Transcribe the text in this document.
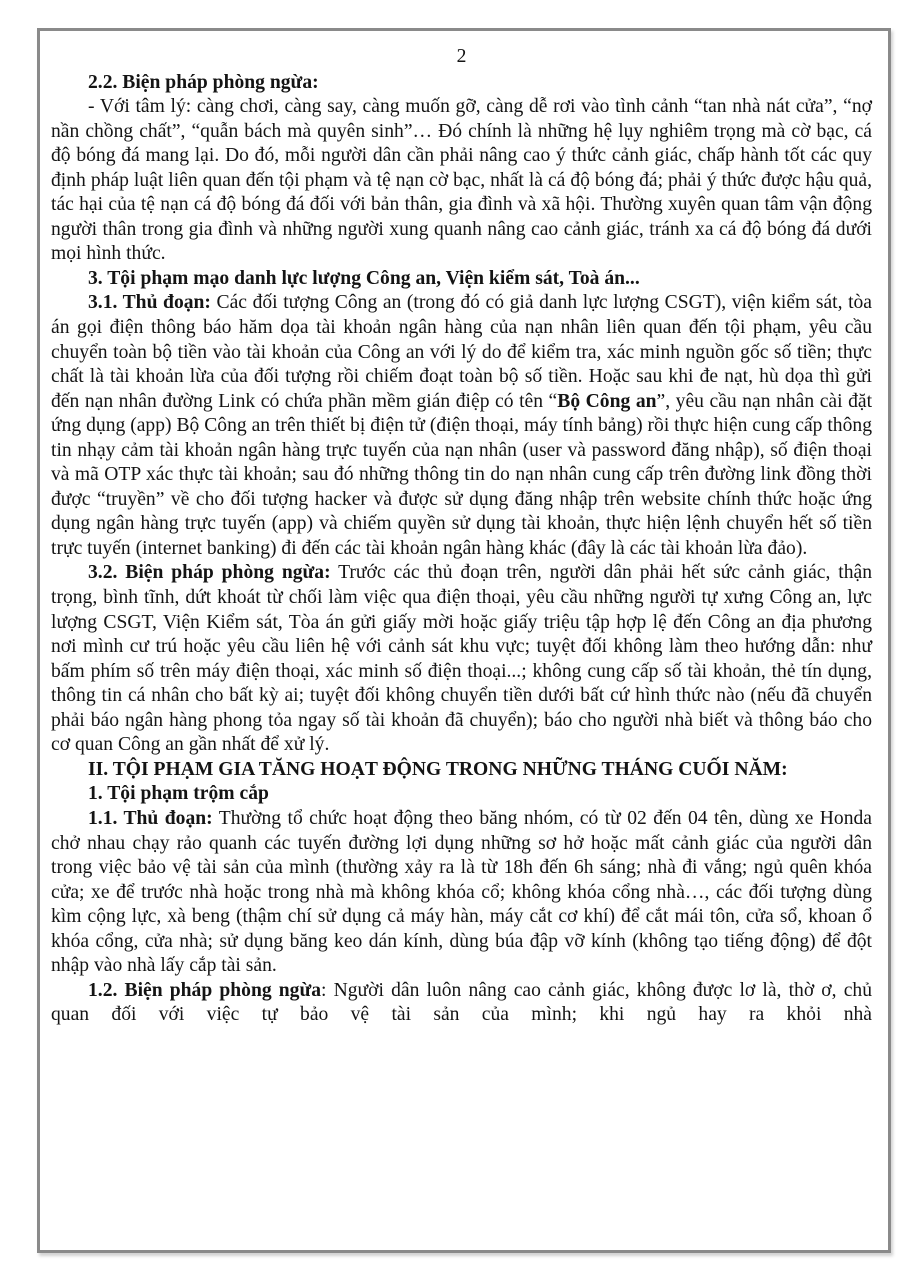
2

2.2. Biện pháp phòng ngừa:

- Với tâm lý: càng chơi, càng say, càng muốn gỡ, càng dễ rơi vào tình cảnh “tan nhà nát cửa”, “nợ nần chồng chất”, “quẫn bách mà quyên sinh”… Đó chính là những hệ lụy nghiêm trọng mà cờ bạc, cá độ bóng đá mang lại. Do đó, mỗi người dân cần phải nâng cao ý thức cảnh giác, chấp hành tốt các quy định pháp luật liên quan đến tội phạm và tệ nạn cờ bạc, nhất là cá độ bóng đá; phải ý thức được hậu quả, tác hại của tệ nạn cá độ bóng đá đối với bản thân, gia đình và xã hội. Thường xuyên quan tâm vận động người thân trong gia đình và những người xung quanh nâng cao cảnh giác, tránh xa cá độ bóng đá dưới mọi hình thức.

3. Tội phạm mạo danh lực lượng Công an, Viện kiểm sát, Toà án...

3.1. Thủ đoạn: Các đối tượng Công an (trong đó có giả danh lực lượng CSGT), viện kiểm sát, tòa án gọi điện thông báo hăm dọa tài khoản ngân hàng của nạn nhân liên quan đến tội phạm, yêu cầu chuyển toàn bộ tiền vào tài khoản của Công an với lý do để kiểm tra, xác minh nguồn gốc số tiền; thực chất là tài khoản lừa của đối tượng rồi chiếm đoạt toàn bộ số tiền. Hoặc sau khi đe nạt, hù dọa thì gửi đến nạn nhân đường Link có chứa phần mềm gián điệp có tên “Bộ Công an”, yêu cầu nạn nhân cài đặt ứng dụng (app) Bộ Công an trên thiết bị điện tử (điện thoại, máy tính bảng) rồi thực hiện cung cấp thông tin nhạy cảm tài khoản ngân hàng trực tuyến của nạn nhân (user và password đăng nhập), số điện thoại và mã OTP xác thực tài khoản; sau đó những thông tin do nạn nhân cung cấp trên đường link đồng thời được “truyền” về cho đối tượng hacker và được sử dụng đăng nhập trên website chính thức hoặc ứng dụng ngân hàng trực tuyến (app) và chiếm quyền sử dụng tài khoản, thực hiện lệnh chuyển hết số tiền trực tuyến (internet banking) đi đến các tài khoản ngân hàng khác (đây là các tài khoản lừa đảo).

3.2. Biện pháp phòng ngừa: Trước các thủ đoạn trên, người dân phải hết sức cảnh giác, thận trọng, bình tĩnh, dứt khoát từ chối làm việc qua điện thoại, yêu cầu những người tự xưng Công an, lực lượng CSGT, Viện Kiểm sát, Tòa án gửi giấy mời hoặc giấy triệu tập hợp lệ đến Công an địa phương nơi mình cư trú hoặc yêu cầu liên hệ với cảnh sát khu vực; tuyệt đối không làm theo hướng dẫn: như bấm phím số trên máy điện thoại, xác minh số điện thoại...; không cung cấp số tài khoản, thẻ tín dụng, thông tin cá nhân cho bất kỳ ai; tuyệt đối không chuyển tiền dưới bất cứ hình thức nào (nếu đã chuyển phải báo ngân hàng phong tỏa ngay số tài khoản đã chuyển); báo cho người nhà biết và thông báo cho cơ quan Công an gần nhất để xử lý.

II. TỘI PHẠM GIA TĂNG HOẠT ĐỘNG TRONG NHỮNG THÁNG CUỐI NĂM:

1. Tội phạm trộm cắp

1.1. Thủ đoạn: Thường tổ chức hoạt động theo băng nhóm, có từ 02 đến 04 tên, dùng xe Honda chở nhau chạy rảo quanh các tuyến đường lợi dụng những sơ hở hoặc mất cảnh giác của người dân trong việc bảo vệ tài sản của mình (thường xảy ra là từ 18h đến 6h sáng; nhà đi vắng; ngủ quên khóa cửa; xe để trước nhà hoặc trong nhà mà không khóa cổ; không khóa cổng nhà…, các đối tượng dùng kìm cộng lực, xà beng (thậm chí sử dụng cả máy hàn, máy cắt cơ khí) để cắt mái tôn, cửa sổ, khoan ổ khóa cổng, cửa nhà; sử dụng băng keo dán kính, dùng búa đập vỡ kính (không tạo tiếng động) để đột nhập vào nhà lấy cắp tài sản.

1.2. Biện pháp phòng ngừa: Người dân luôn nâng cao cảnh giác, không được lơ là, thờ ơ, chủ quan đối với việc tự bảo vệ tài sản của mình; khi ngủ hay ra khỏi nhà
